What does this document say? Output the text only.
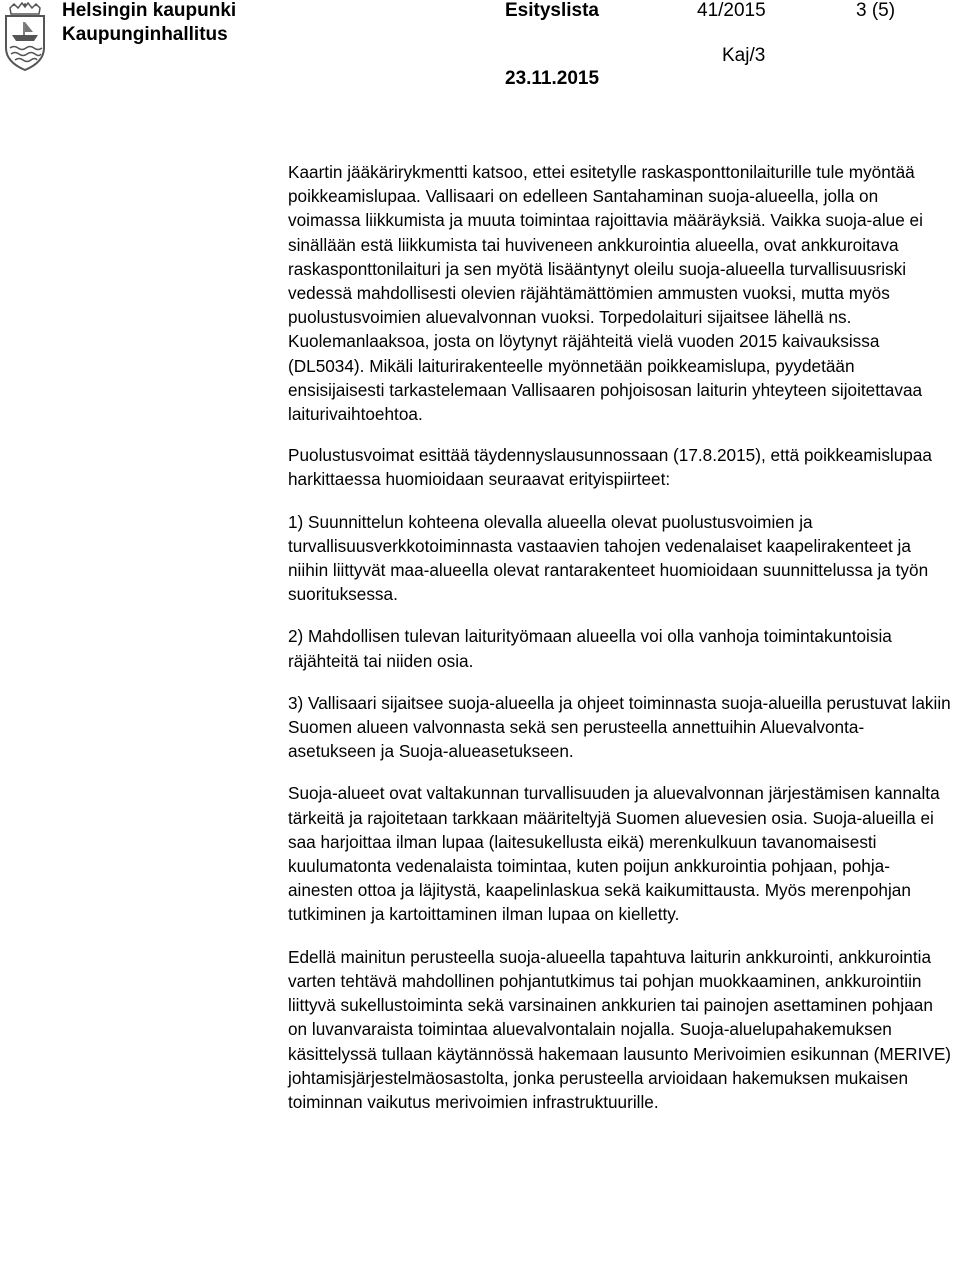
Helsingin kaupunki
Kaupunginhallitus
Esityslista	41/2015	3 (5)
Kaj/3
23.11.2015

Kaartin jääkärirykmentti katsoo, ettei esitetylle raskasponttonilaiturille tule myöntää poikkeamislupaa. Vallisaari on edelleen Santahaminan suoja-alueella, jolla on voimassa liikkumista ja muuta toimintaa rajoittavia määräyksiä. Vaikka suoja-alue ei sinällään estä liikkumista tai huviveneen ankkurointia alueella, ovat ankkuroitava raskasponttonilaituri ja sen myötä lisääntynyt oleilu suoja-alueella turvallisuusriski vedessä mahdollisesti olevien räjähtämättömien ammusten vuoksi, mutta myös puolustusvoimien aluevalvonnan vuoksi. Torpedolaituri sijaitsee lähellä ns. Kuolemanlaaksoa, josta on löytynyt räjähteitä vielä vuoden 2015 kaivauksissa (DL5034). Mikäli laiturirakenteelle myönnetään poikkeamislupa, pyydetään ensisijaisesti tarkastelemaan Vallisaaren pohjoisosan laiturin yhteyteen sijoitettavaa laiturivaihtoehtoa.

Puolustusvoimat esittää täydennyslausunnossaan (17.8.2015), että poikkeamislupaa harkittaessa huomioidaan seuraavat erityispiirteet:

1) Suunnittelun kohteena olevalla alueella olevat puolustusvoimien ja turvallisuusverkkotoiminnasta vastaavien tahojen vedenalaiset kaapelirakenteet ja niihin liittyvät maa-alueella olevat rantarakenteet huomioidaan suunnittelussa ja työn suorituksessa.

2) Mahdollisen tulevan laiturityömaan alueella voi olla vanhoja toimintakuntoisia räjähteitä tai niiden osia.

3) Vallisaari sijaitsee suoja-alueella ja ohjeet toiminnasta suoja-alueilla perustuvat lakiin Suomen alueen valvonnasta sekä sen perusteella annettuihin Aluevalvonta-asetukseen ja Suoja-alueasetukseen.

Suoja-alueet ovat valtakunnan turvallisuuden ja aluevalvonnan järjestämisen kannalta tärkeitä ja rajoitetaan tarkkaan määriteltyjä Suomen aluevesien osia. Suoja-alueilla ei saa harjoittaa ilman lupaa (laitesukellusta eikä) merenkulkuun tavanomaisesti kuulumatonta vedenalaista toimintaa, kuten poijun ankkurointia pohjaan, pohja-ainesten ottoa ja läjitystä, kaapelinlaskua sekä kaikumittausta. Myös merenpohjan tutkiminen ja kartoittaminen ilman lupaa on kielletty.

Edellä mainitun perusteella suoja-alueella tapahtuva laiturin ankkurointi, ankkurointia varten tehtävä mahdollinen pohjantutkimus tai pohjan muokkaaminen, ankkurointiin liittyvä sukellustoiminta sekä varsinainen ankkurien tai painojen asettaminen pohjaan on luvanvaraista toimintaa aluevalvontalain nojalla. Suoja-aluelupahakemuksen käsittelyssä tullaan käytännössä hakemaan lausunto Merivoimien esikunnan (MERIVE) johtamisjärjestelmäosastolta, jonka perusteella arvioidaan hakemuksen mukaisen toiminnan vaikutus merivoimien infrastruktuurille.
